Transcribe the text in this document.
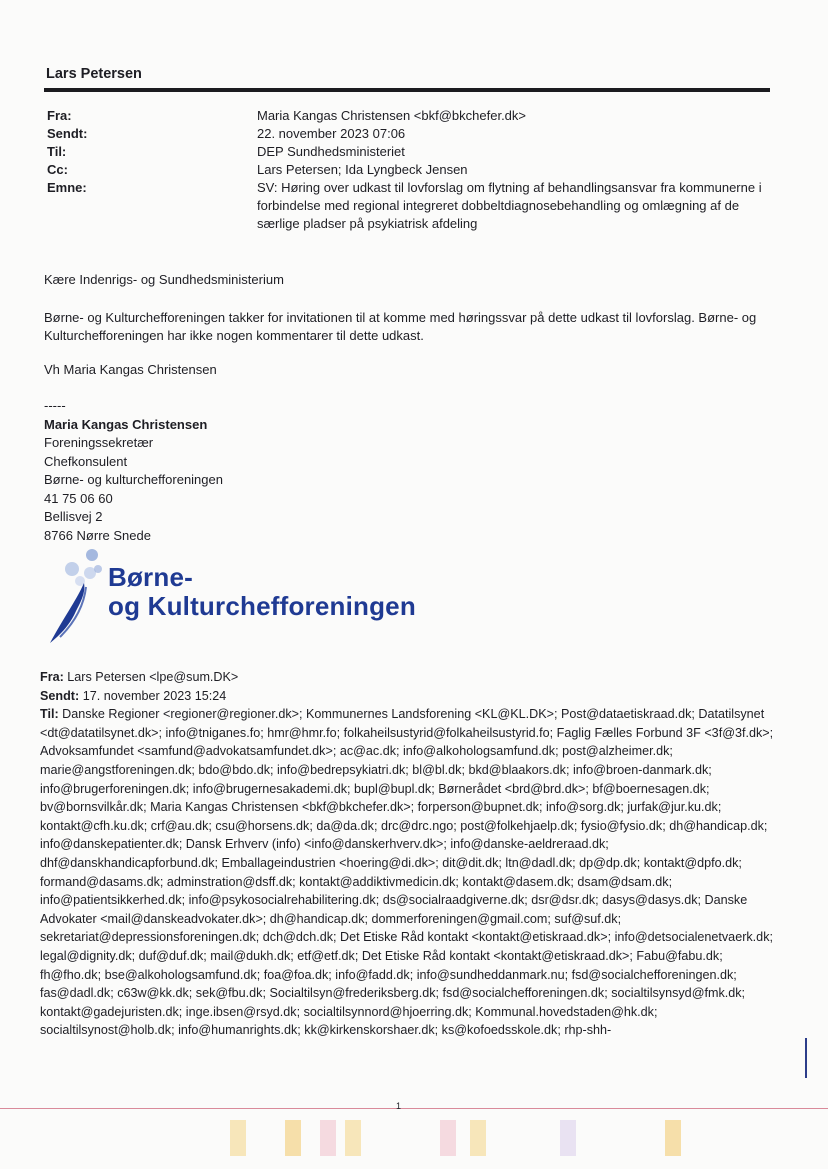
Lars Petersen
Fra:	Maria Kangas Christensen <bkf@bkchefer.dk>
Sendt:	22. november 2023 07:06
Til:	DEP Sundhedsministeriet
Cc:	Lars Petersen; Ida Lyngbeck Jensen
Emne:	SV: Høring over udkast til lovforslag om flytning af behandlingsansvar fra kommunerne i forbindelse med regional integreret dobbeltdiagnosebehandling og omlægning af de særlige pladser på psykiatrisk afdeling
Kære Indenrigs- og Sundhedsministerium
Børne- og Kulturchefforeningen takker for invitationen til at komme med høringssvar på dette udkast til lovforslag. Børne- og Kulturchefforeningen har ikke nogen kommentarer til dette udkast.
Vh Maria Kangas Christensen
-----
Maria Kangas Christensen
Foreningssekretær
Chefkonsulent
Børne- og kulturchefforeningen
41 75 06 60
Bellisvej 2
8766 Nørre Snede
Børne-
og Kulturchefforeningen
Fra: Lars Petersen <lpe@sum.DK>
Sendt: 17. november 2023 15:24
Til: Danske Regioner <regioner@regioner.dk>; Kommunernes Landsforening <KL@KL.DK>; Post@dataetiskraad.dk; Datatilsynet <dt@datatilsynet.dk>; info@tniganes.fo; hmr@hmr.fo; folkaheilsustyrid@folkaheilsustyrid.fo; Faglig Fælles Forbund 3F <3f@3f.dk>; Advoksamfundet <samfund@advokatsamfundet.dk>; ac@ac.dk; info@alkohologsamfund.dk; post@alzheimer.dk; marie@angstforeningen.dk; bdo@bdo.dk; info@bedrepsykiatri.dk; bl@bl.dk; bkd@blaakors.dk; info@broen-danmark.dk; info@brugerforeningen.dk; info@brugernesakademi.dk; bupl@bupl.dk; Børnerådet <brd@brd.dk>; bf@boernesagen.dk; bv@bornsvilkår.dk; Maria Kangas Christensen <bkf@bkchefer.dk>; forperson@bupnet.dk; info@sorg.dk; jurfak@jur.ku.dk; kontakt@cfh.ku.dk; crf@au.dk; csu@horsens.dk; da@da.dk; drc@drc.ngo; post@folkehjaelp.dk; fysio@fysio.dk; dh@handicap.dk; info@danskepatienter.dk; Dansk Erhverv (info) <info@danskerhverv.dk>; info@danske-aeldreraad.dk; dhf@danskhandicapforbund.dk; Emballageindustrien <hoering@di.dk>; dit@dit.dk; ltn@dadl.dk; dp@dp.dk; kontakt@dpfo.dk; formand@dasams.dk; adminstration@dsff.dk; kontakt@addiktivmedicin.dk; kontakt@dasem.dk; dsam@dsam.dk; info@patientsikkerhed.dk; info@psykosocialrehabilitering.dk; ds@socialraadgiverne.dk; dsr@dsr.dk; dasys@dasys.dk; Danske Advokater <mail@danskeadvokater.dk>; dh@handicap.dk; dommerforeningen@gmail.com; suf@suf.dk; sekretariat@depressionsforeningen.dk; dch@dch.dk; Det Etiske Råd kontakt <kontakt@etiskraad.dk>; info@detsocialenetvaerk.dk; legal@dignity.dk; duf@duf.dk; mail@dukh.dk; etf@etf.dk; Det Etiske Råd kontakt <kontakt@etiskraad.dk>; Fabu@fabu.dk; fh@fho.dk; bse@alkohologsamfund.dk; foa@foa.dk; info@fadd.dk; info@sundheddanmark.nu; fsd@socialchefforeningen.dk; fas@dadl.dk; c63w@kk.dk; sek@fbu.dk; Socialtilsyn@frederiksberg.dk; fsd@socialchefforeningen.dk; socialtilsynsyd@fmk.dk; kontakt@gadejuristen.dk; inge.ibsen@rsyd.dk; socialtilsynnord@hjoerring.dk; Kommunal.hovedstaden@hk.dk; socialtilsynost@holb.dk; info@humanrights.dk; kk@kirkenskorshaer.dk; ks@kofoedsskole.dk; rhp-shh-
1
